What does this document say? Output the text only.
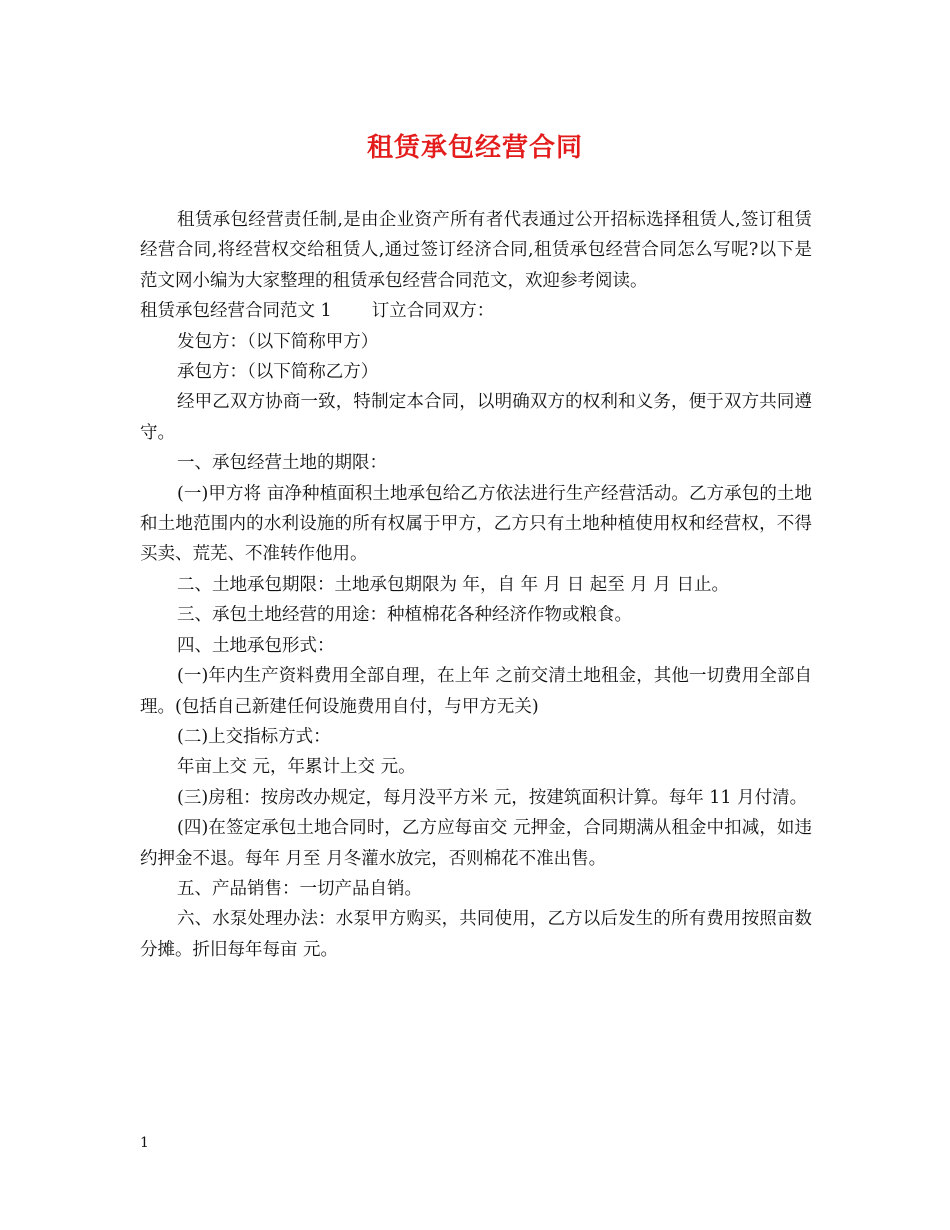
租赁承包经营合同

租赁承包经营责任制,是由企业资产所有者代表通过公开招标选择租赁人,签订租赁经营合同,将经营权交给租赁人,通过签订经济合同,租赁承包经营合同怎么写呢?以下是范文网小编为大家整理的租赁承包经营合同范文，欢迎参考阅读。

租赁承包经营合同范文 1 订立合同双方：

发包方：（以下简称甲方）

承包方：（以下简称乙方）

经甲乙双方协商一致，特制定本合同，以明确双方的权利和义务，便于双方共同遵守。

一、承包经营土地的期限：

(一)甲方将 亩净种植面积土地承包给乙方依法进行生产经营活动。乙方承包的土地和土地范围内的水利设施的所有权属于甲方，乙方只有土地种植使用权和经营权，不得买卖、荒芜、不准转作他用。

二、土地承包期限：土地承包期限为 年，自 年 月 日 起至 月 月 日止。

三、承包土地经营的用途：种植棉花各种经济作物或粮食。

四、土地承包形式：

(一)年内生产资料费用全部自理，在上年 之前交清土地租金，其他一切费用全部自理。(包括自己新建任何设施费用自付，与甲方无关)

(二)上交指标方式：

年亩上交 元，年累计上交 元。

(三)房租：按房改办规定，每月没平方米 元，按建筑面积计算。每年 11 月付清。

(四)在签定承包土地合同时，乙方应每亩交 元押金，合同期满从租金中扣减，如违约押金不退。每年 月至 月冬灌水放完，否则棉花不准出售。

五、产品销售：一切产品自销。

六、水泵处理办法：水泵甲方购买，共同使用，乙方以后发生的所有费用按照亩数分摊。折旧每年每亩 元。

1
